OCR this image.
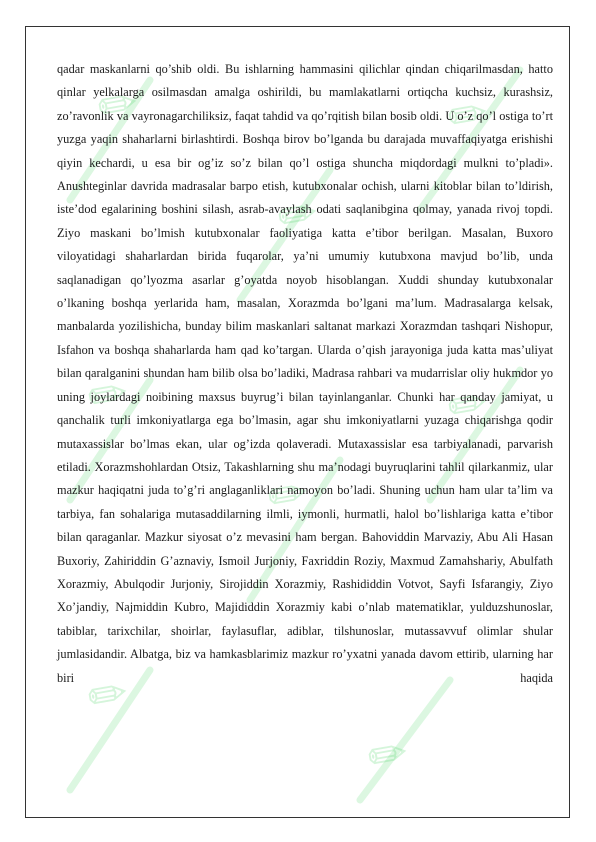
✎
✎
✎
✎
✎
✎
✎
✎

qadar maskanlarni qo’shib oldi. Bu ishlarning hammasini qilichlar qindan chiqarilmasdan, hatto qinlar yelkalarga osilmasdan amalga oshirildi, bu mamlakatlarni ortiqcha kuchsiz, kurashsiz, zo’ravonlik va vayronagarchiliksiz, faqat tahdid va qo’rqitish bilan bosib oldi. U o’z qo’l ostiga to’rt yuzga yaqin shaharlarni birlashtirdi. Boshqa birov bo’lganda bu darajada muvaffaqiyatga erishishi qiyin kechardi, u esa bir og’iz so’z bilan qo’l ostiga shuncha miqdordagi mulkni to’pladi». Anushteginlar davrida madrasalar barpo etish, kutubxonalar ochish, ularni kitoblar bilan to’ldirish, iste’dod egalarining boshini silash, asrab-avaylash odati saqlanibgina qolmay, yanada rivoj topdi. Ziyo maskani bo’lmish kutubxonalar faoliyatiga katta e’tibor berilgan. Masalan, Buxoro viloyatidagi shaharlardan birida fuqarolar, ya’ni umumiy kutubxona mavjud bo’lib, unda saqlanadigan qo’lyozma asarlar g’oyatda noyob hisoblangan. Xuddi shunday kutubxonalar o’lkaning boshqa yerlarida ham, masalan, Xorazmda bo’lgani ma’lum. Madrasalarga kelsak, manbalarda yozilishicha, bunday bilim maskanlari saltanat markazi Xorazmdan tashqari Nishopur, Isfahon va boshqa shaharlarda ham qad ko’targan. Ularda o’qish jarayoniga juda katta mas’uliyat bilan qaralganini shundan ham bilib olsa bo’ladiki, Madrasa rahbari va mudarrislar oliy hukmdor yo uning joylardagi noibining maxsus buyrug’i bilan tayinlanganlar. Chunki har qanday jamiyat, u qanchalik turli imkoniyatlarga ega bo’lmasin, agar shu imkoniyatlarni yuzaga chiqarishga qodir mutaxassislar bo’lmas ekan, ular og’izda qolaveradi. Mutaxassislar esa tarbiyalanadi, parvarish etiladi. Xorazmshohlardan Otsiz, Takashlarning shu ma’nodagi buyruqlarini tahlil qilarkanmiz, ular mazkur haqiqatni juda to’g’ri anglaganliklari namoyon bo’ladi. Shuning uchun ham ular ta’lim va tarbiya, fan sohalariga mutasaddilarning ilmli, iymonli, hurmatli, halol bo’lishlariga katta e’tibor bilan qaraganlar. Mazkur siyosat o’z mevasini ham bergan. Bahoviddin Marvaziy, Abu Ali Hasan Buxoriy, Zahiriddin G’aznaviy, Ismoil Jurjoniy, Faxriddin Roziy, Maxmud Zamahshariy, Abulfath Xorazmiy, Abulqodir Jurjoniy, Sirojiddin Xorazmiy, Rashididdin Votvot, Sayfi Isfarangiy, Ziyo Xo’jandiy, Najmiddin Kubro, Majididdin Xorazmiy kabi o’nlab matematiklar, yulduzshunoslar, tabiblar, tarixchilar, shoirlar, faylasuflar, adiblar, tilshunoslar, mutassavvuf olimlar shular jumlasidandir. Albatga, biz va hamkasblarimiz mazkur ro’yxatni yanada davom ettirib, ularning har biri haqida
